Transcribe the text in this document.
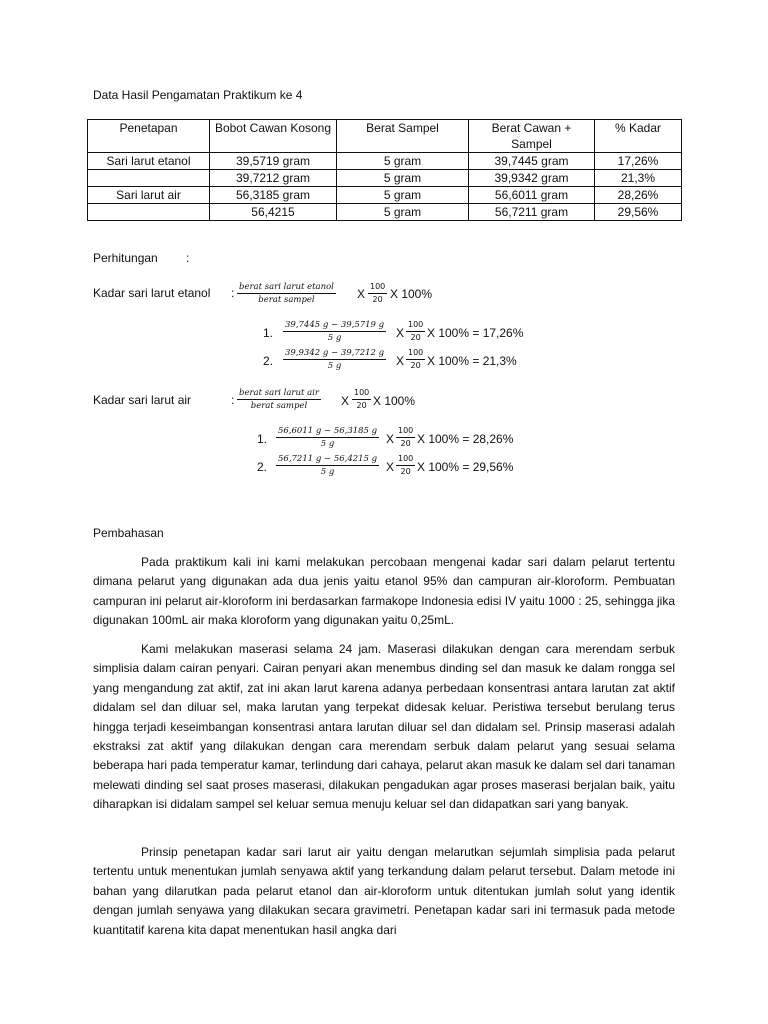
Data Hasil Pengamatan Praktikum ke 4
Penetapan	Bobot Cawan Kosong	Berat Sampel	Berat Cawan + Sampel	% Kadar
Sari larut etanol	39,5719 gram	5 gram	39,7445 gram	17,26%
	39,7212 gram	5 gram	39,9342 gram	21,3%
Sari larut air	56,3185 gram	5 gram	56,6011 gram	28,26%
	56,4215	5 gram	56,7211 gram	29,56%
Perhitungan :
Kadar sari larut etanol : berat sari larut etanol
berat sampel	X $\frac{100}{20}$ X 100%
1. $\frac{39,7445 g - 39,5719 g}{5 g}$ X $\frac{100}{20}$ X 100% = 17,26%
2. $\frac{39,9342 g - 39,7212 g}{5 g}$ X $\frac{100}{20}$ X 100% = 21,3%
Kadar sari larut air	: berat sari larut air
berat sampel	X $\frac{100}{20}$ X 100%
1. $\frac{56,6011 g - 56,3185 g}{5 g}$ X $\frac{100}{20}$ X 100% = 28,26%
2. $\frac{56,7211 g - 56,4215 g}{5 g}$ X $\frac{100}{20}$ X 100% = 29,56%
Pembahasan

Pada praktikum kali ini kami melakukan percobaan mengenai kadar sari dalam pelarut tertentu dimana pelarut yang digunakan ada dua jenis yaitu etanol 95% dan campuran air-kloroform. Pembuatan campuran ini pelarut air-kloroform ini berdasarkan farmakope Indonesia edisi IV yaitu 1000 : 25, sehingga jika digunakan 100mL air maka kloroform yang digunakan yaitu 0,25mL.

Kami melakukan maserasi selama 24 jam. Maserasi dilakukan dengan cara merendam serbuk simplisia dalam cairan penyari. Cairan penyari akan menembus dinding sel dan masuk ke dalam rongga sel yang mengandung zat aktif, zat ini akan larut karena adanya perbedaan konsentrasi antara larutan zat aktif didalam sel dan diluar sel, maka larutan yang terpekat didesak keluar. Peristiwa tersebut berulang terus hingga terjadi keseimbangan konsentrasi antara larutan diluar sel dan didalam sel. Prinsip maserasi adalah ekstraksi zat aktif yang dilakukan dengan cara merendam serbuk dalam pelarut yang sesuai selama beberapa hari pada temperatur kamar, terlindung dari cahaya, pelarut akan masuk ke dalam sel dari tanaman melewati dinding sel saat proses maserasi, dilakukan pengadukan agar proses maserasi berjalan baik, yaitu diharapkan isi didalam sampel sel keluar semua menuju keluar sel dan didapatkan sari yang banyak.

Prinsip penetapan kadar sari larut air yaitu dengan melarutkan sejumlah simplisia pada pelarut tertentu untuk menentukan jumlah senyawa aktif yang terkandung dalam pelarut tersebut. Dalam metode ini bahan yang dilarutkan pada pelarut etanol dan air-kloroform untuk ditentukan jumlah solut yang identik dengan jumlah senyawa yang dilakukan secara gravimetri. Penetapan kadar sari ini termasuk pada metode kuantitatif karena kita dapat menentukan hasil angka dari
